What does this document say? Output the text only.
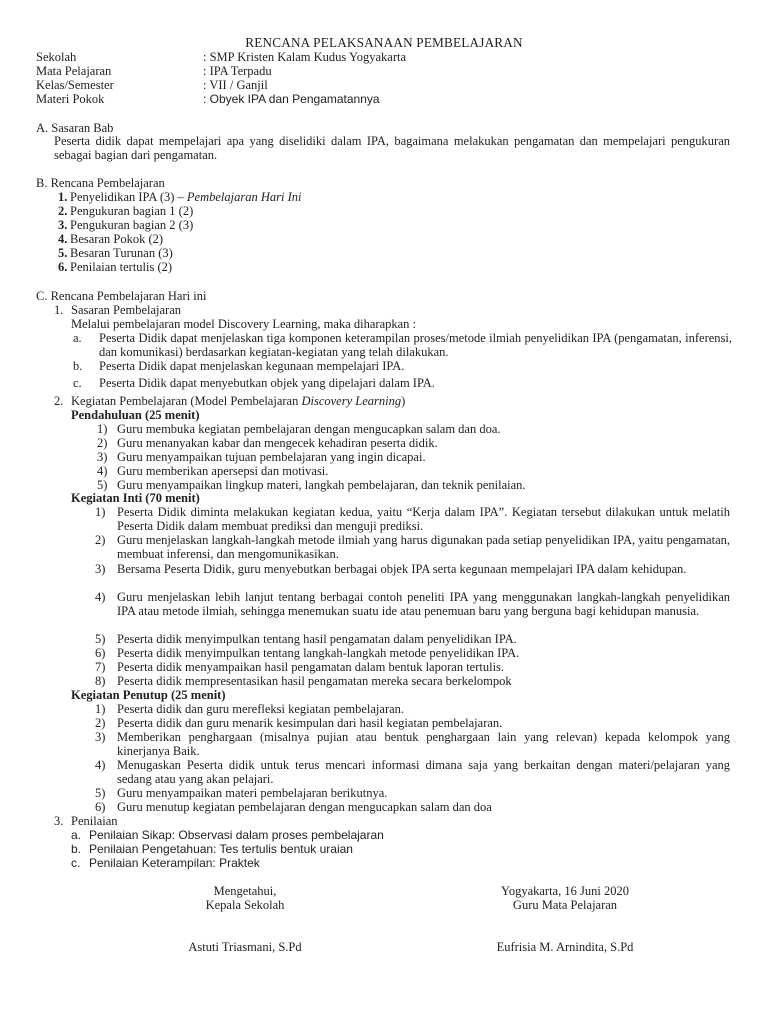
RENCANA PELAKSANAAN PEMBELAJARAN
Sekolah	: SMP Kristen Kalam Kudus Yogyakarta
Mata Pelajaran	: IPA Terpadu
Kelas/Semester	: VII / Ganjil
Materi Pokok	: Obyek IPA dan Pengamatannya
A. Sasaran Bab
Peserta didik dapat mempelajari apa yang diselidiki dalam IPA, bagaimana melakukan pengamatan dan mempelajari pengukuran sebagai bagian dari pengamatan.
B. Rencana Pembelajaran
1. Penyelidikan IPA (3) – Pembelajaran Hari Ini
2. Pengukuran bagian 1 (2)
3. Pengukuran bagian 2 (3)
4. Besaran Pokok (2)
5. Besaran Turunan (3)
6. Penilaian tertulis (2)
C. Rencana Pembelajaran Hari ini
1. Sasaran Pembelajaran
Melalui pembelajaran model Discovery Learning, maka diharapkan :
a. Peserta Didik dapat menjelaskan tiga komponen keterampilan proses/metode ilmiah penyelidikan IPA (pengamatan, inferensi, dan komunikasi) berdasarkan kegiatan-kegiatan yang telah dilakukan.
b. Peserta Didik dapat menjelaskan kegunaan mempelajari IPA.
c. Peserta Didik dapat menyebutkan objek yang dipelajari dalam IPA.
2. Kegiatan Pembelajaran (Model Pembelajaran Discovery Learning)
Pendahuluan (25 menit)
1) Guru membuka kegiatan pembelajaran dengan mengucapkan salam dan doa.
2) Guru menanyakan kabar dan mengecek kehadiran peserta didik.
3) Guru menyampaikan tujuan pembelajaran yang ingin dicapai.
4) Guru memberikan apersepsi dan motivasi.
5) Guru menyampaikan lingkup materi, langkah pembelajaran, dan teknik penilaian.
Kegiatan Inti (70 menit)
1) Peserta Didik diminta melakukan kegiatan kedua, yaitu “Kerja dalam IPA”. Kegiatan tersebut dilakukan untuk melatih Peserta Didik dalam membuat prediksi dan menguji prediksi.
2) Guru menjelaskan langkah-langkah metode ilmiah yang harus digunakan pada setiap penyelidikan IPA, yaitu pengamatan, membuat inferensi, dan mengomunikasikan.
3) Bersama Peserta Didik, guru menyebutkan berbagai objek IPA serta kegunaan mempelajari IPA dalam kehidupan.
4) Guru menjelaskan lebih lanjut tentang berbagai contoh peneliti IPA yang menggunakan langkah-langkah penyelidikan IPA atau metode ilmiah, sehingga menemukan suatu ide atau penemuan baru yang berguna bagi kehidupan manusia.
5) Peserta didik menyimpulkan tentang hasil pengamatan dalam penyelidikan IPA.
6) Peserta didik menyimpulkan tentang langkah-langkah metode penyelidikan IPA.
7) Peserta didik menyampaikan hasil pengamatan dalam bentuk laporan tertulis.
8) Peserta didik mempresentasikan hasil pengamatan mereka secara berkelompok
Kegiatan Penutup (25 menit)
1) Peserta didik dan guru merefleksi kegiatan pembelajaran.
2) Peserta didik dan guru menarik kesimpulan dari hasil kegiatan pembelajaran.
3) Memberikan penghargaan (misalnya pujian atau bentuk penghargaan lain yang relevan) kepada kelompok yang kinerjanya Baik.
4) Menugaskan Peserta didik untuk terus mencari informasi dimana saja yang berkaitan dengan materi/pelajaran yang sedang atau yang akan pelajari.
5) Guru menyampaikan materi pembelajaran berikutnya.
6) Guru menutup kegiatan pembelajaran dengan mengucapkan salam dan doa
3. Penilaian
a. Penilaian Sikap: Observasi dalam proses pembelajaran
b. Penilaian Pengetahuan: Tes tertulis bentuk uraian
c. Penilaian Keterampilan: Praktek
Mengetahui,
Kepala Sekolah
Astuti Triasmani, S.Pd
Yogyakarta, 16 Juni 2020
Guru Mata Pelajaran
Eufrisia M. Arnindita, S.Pd
